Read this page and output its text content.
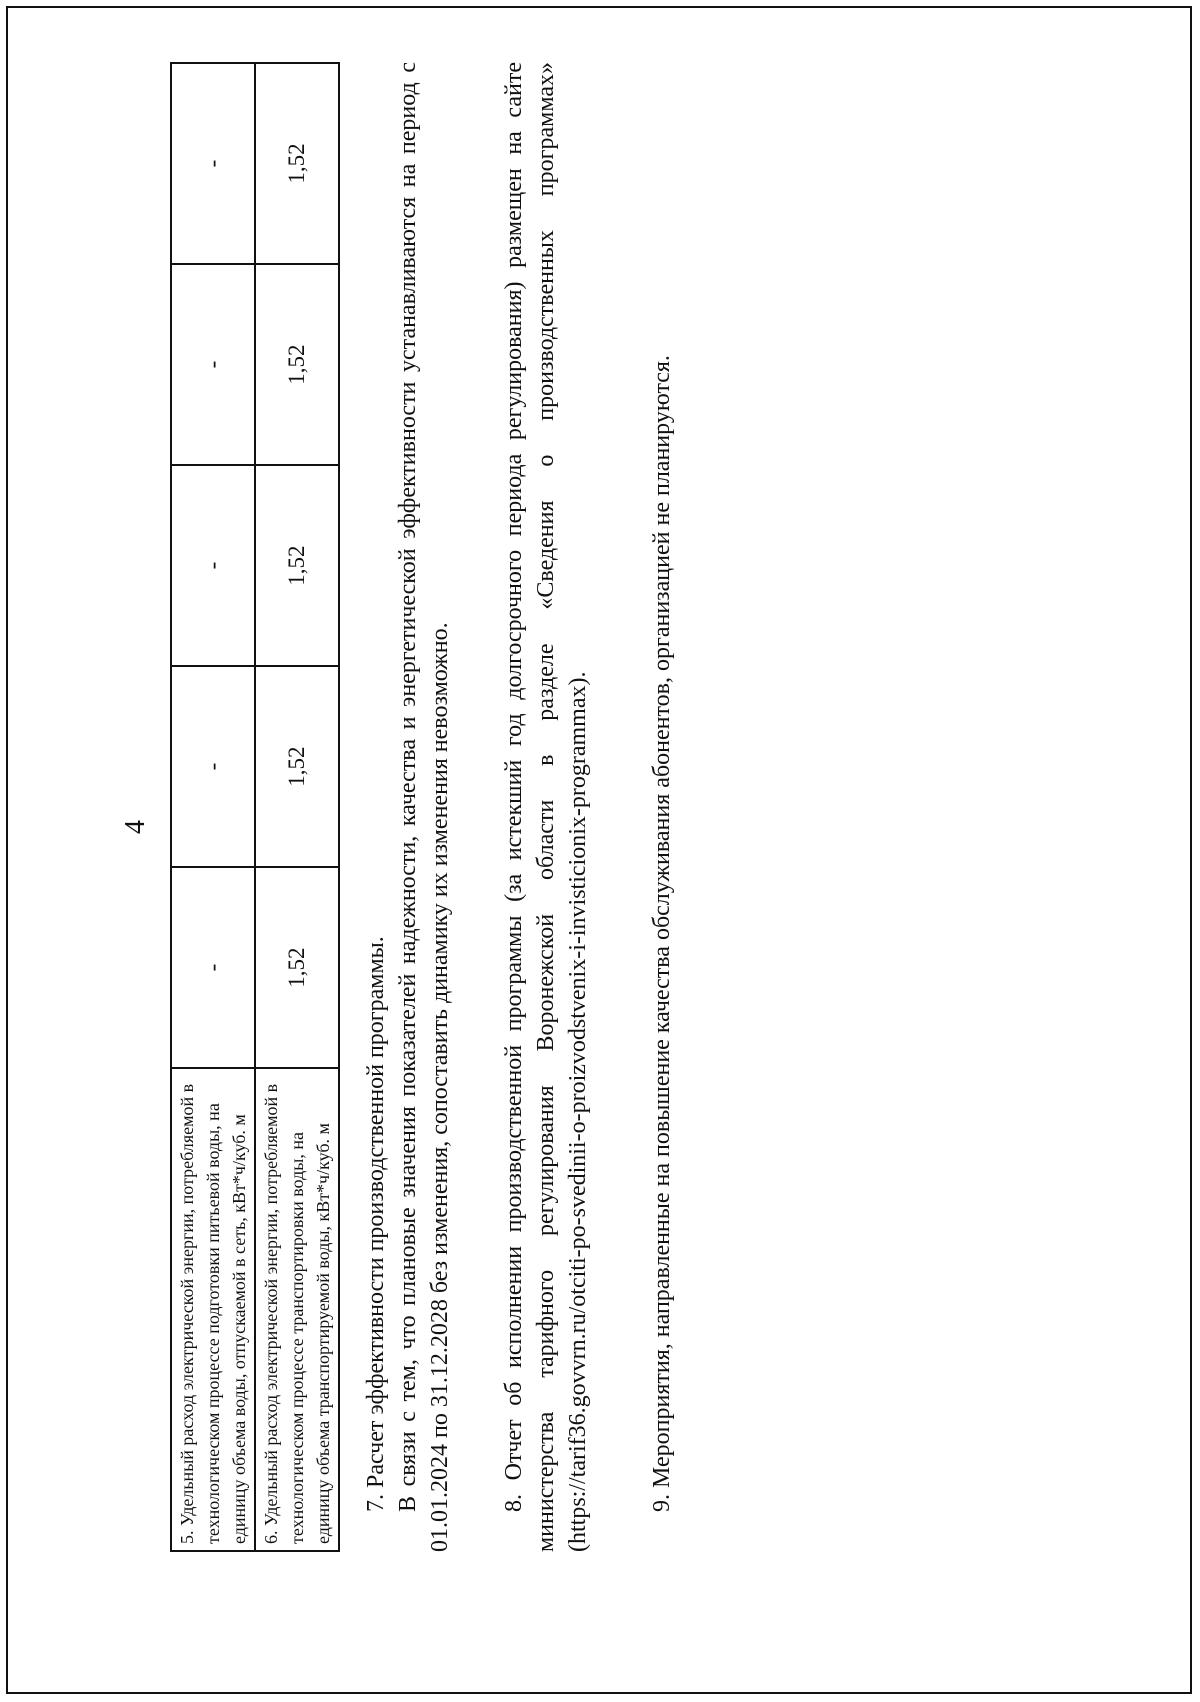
4
5. Удельный расход электрической энергии, потребляемой в технологическом процессе подготовки питьевой воды, на единицу объема воды, отпускаемой в сеть, кВт*ч/куб. м	-	-	-	-	-
6. Удельный расход электрической энергии, потребляемой в технологическом процессе транспортировки воды, на единицу объема транспортируемой воды, кВт*ч/куб. м	1,52	1,52	1,52	1,52	1,52

7. Расчет эффективности производственной программы. В связи с тем, что плановые значения показателей надежности, качества и энергетической эффективности устанавливаются на период с 01.01.2024 по 31.12.2028 без изменения, сопоставить динамику их изменения невозможно. 8. Отчет об исполнении производственной программы (за истекший год долгосрочного периода регулирования) размещен на сайте министерства тарифного регулирования Воронежской области в разделе «Сведения о производственных программах» (https://tarif36.govvrn.ru/otciti-po-svedinii-o-proizvodstvenix-i-invisticionix-programmax). 9. Мероприятия, направленные на повышение качества обслуживания абонентов, организацией не планируются.
